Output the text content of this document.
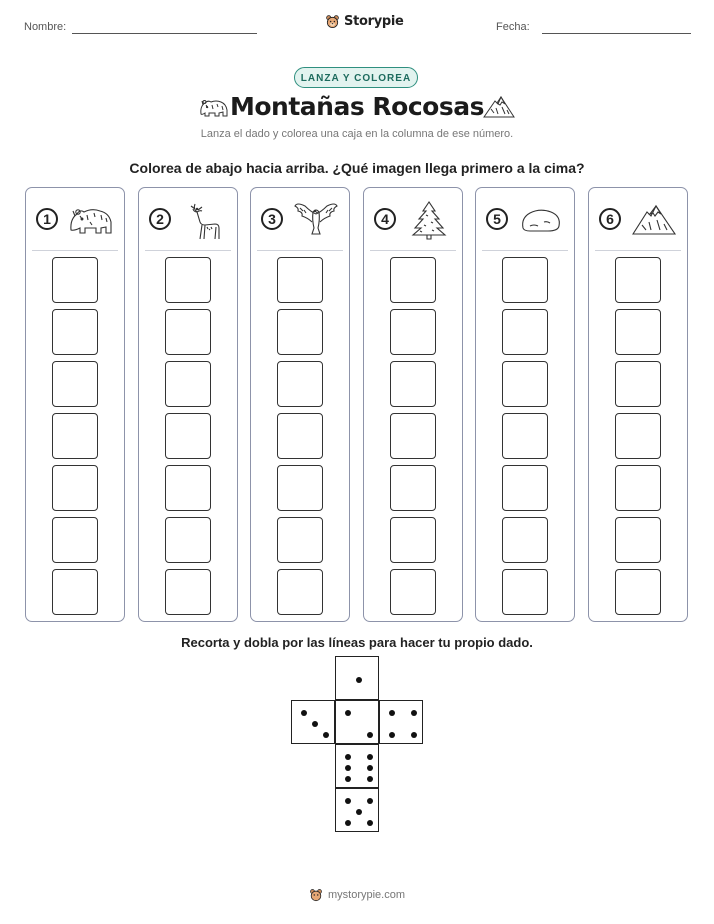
Nombre:	Storypie	Fecha:
LANZA Y COLOREA
Montañas Rocosas
Lanza el dado y colorea una caja en la columna de ese número.
Colorea de abajo hacia arriba. ¿Qué imagen llega primero a la cima?
1	2	3	4	5	6
Recorta y dobla por las líneas para hacer tu propio dado.
mystorypie.com
